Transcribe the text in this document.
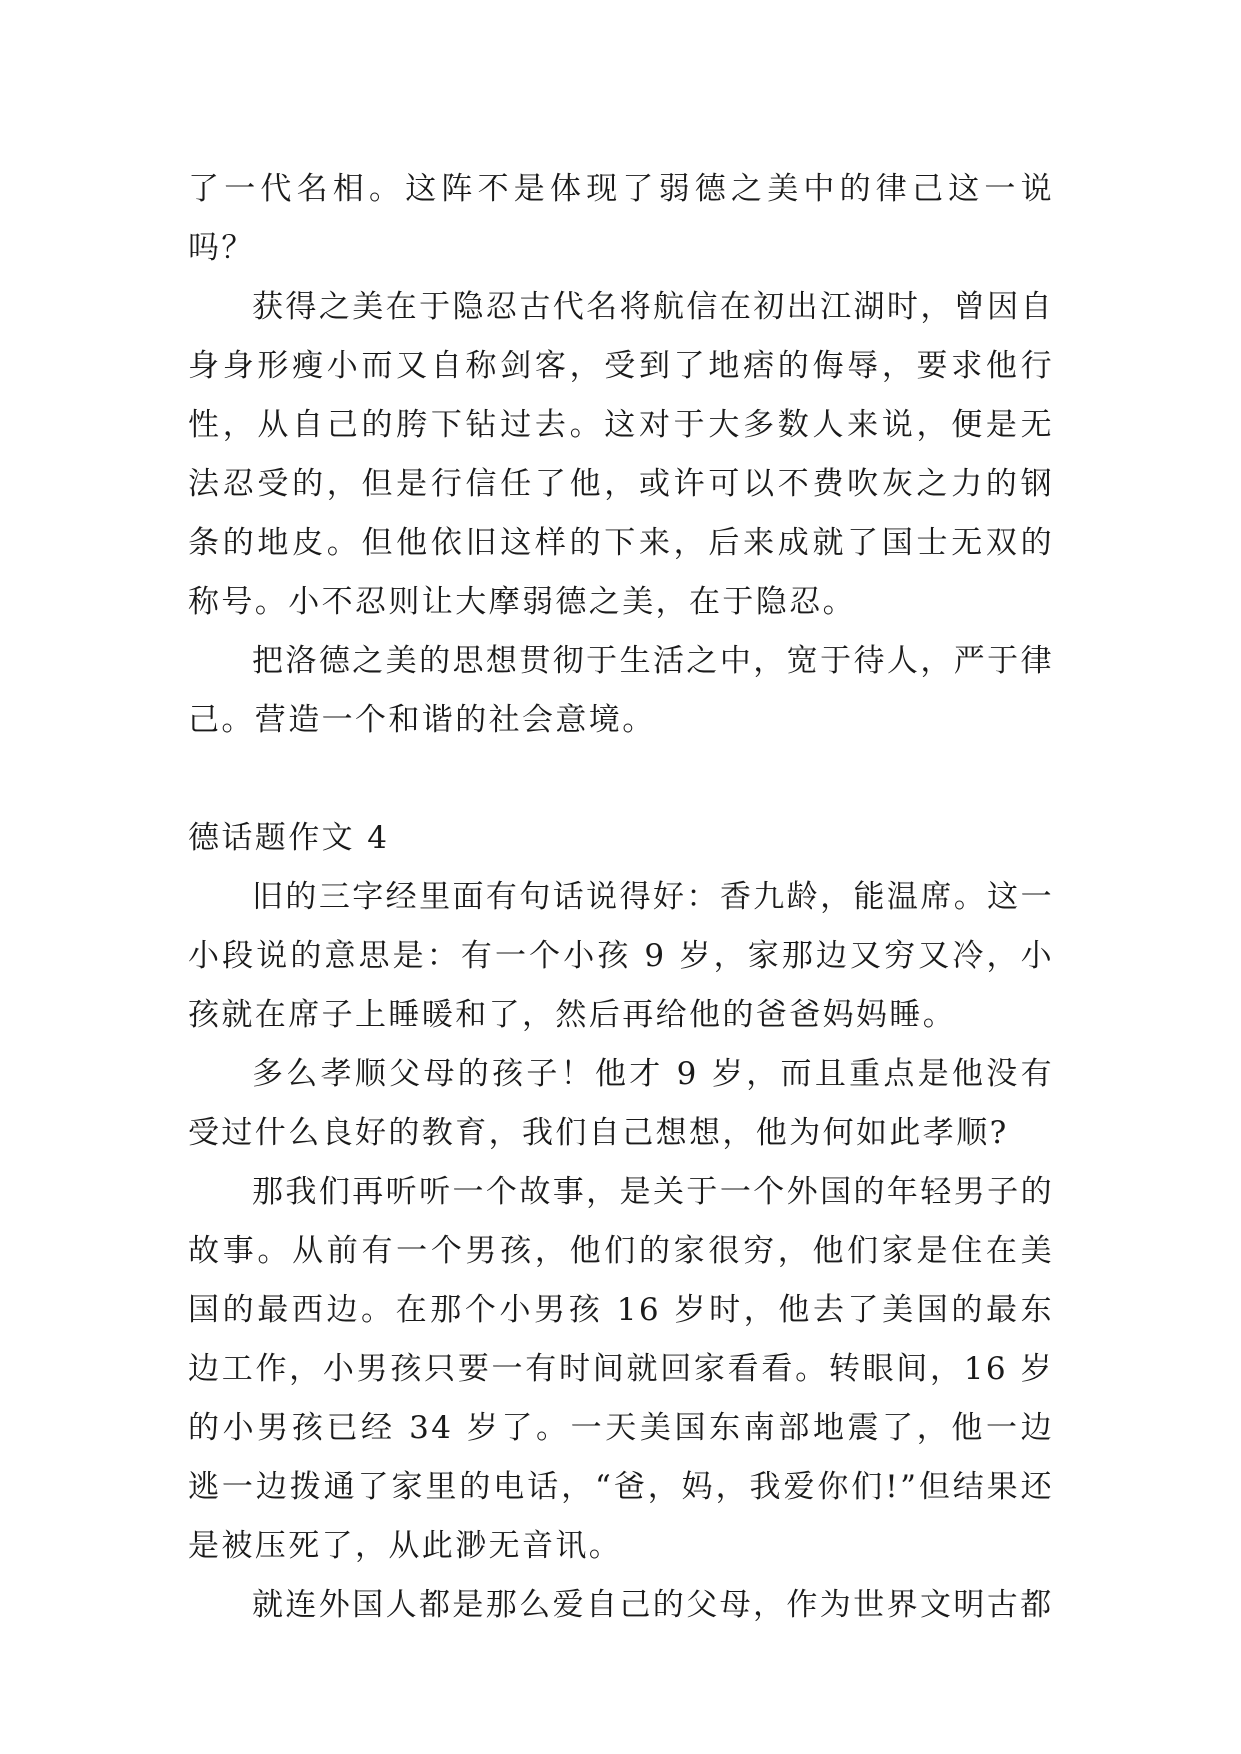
了一代名相。这阵不是体现了弱德之美中的律己这一说吗？

获得之美在于隐忍古代名将航信在初出江湖时，曾因自身身形瘦小而又自称剑客，受到了地痞的侮辱，要求他行性，从自己的胯下钻过去。这对于大多数人来说，便是无法忍受的，但是行信任了他，或许可以不费吹灰之力的钢条的地皮。但他依旧这样的下来，后来成就了国士无双的称号。小不忍则让大摩弱德之美，在于隐忍。

把洛德之美的思想贯彻于生活之中，宽于待人，严于律己。营造一个和谐的社会意境。

德话题作文 4

旧的三字经里面有句话说得好：香九龄，能温席。这一小段说的意思是：有一个小孩 9 岁，家那边又穷又冷，小孩就在席子上睡暖和了，然后再给他的爸爸妈妈睡。

多么孝顺父母的孩子！他才 9 岁，而且重点是他没有受过什么良好的教育，我们自己想想，他为何如此孝顺?

那我们再听听一个故事，是关于一个外国的年轻男子的故事。从前有一个男孩，他们的家很穷，他们家是住在美国的最西边。在那个小男孩 16 岁时，他去了美国的最东边工作，小男孩只要一有时间就回家看看。转眼间，16 岁的小男孩已经 34 岁了。一天美国东南部地震了，他一边逃一边拨通了家里的电话，“爸，妈，我爱你们!”但结果还是被压死了，从此渺无音讯。

就连外国人都是那么爱自己的父母，作为世界文明古都
